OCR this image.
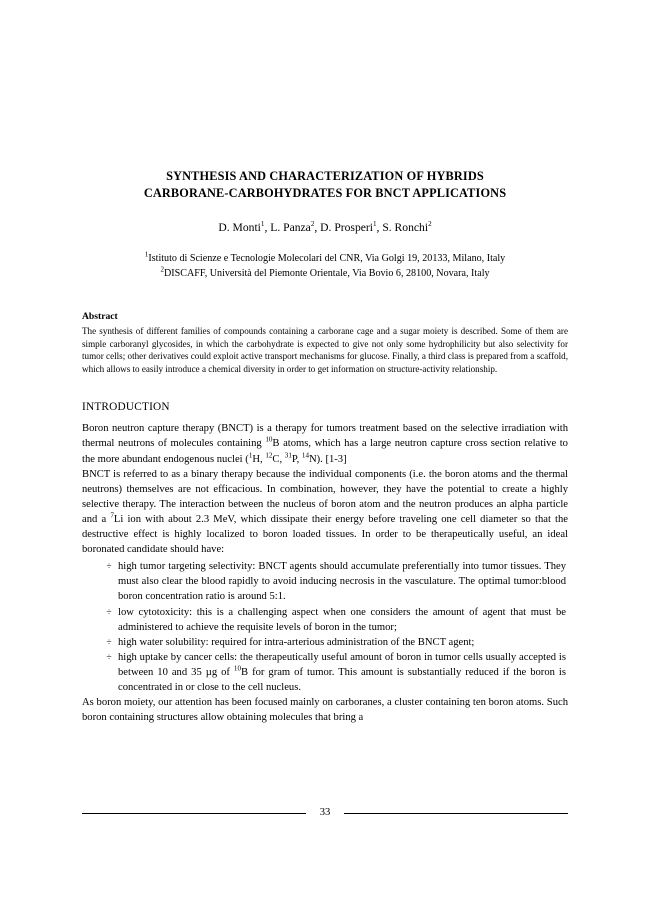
SYNTHESIS AND CHARACTERIZATION OF HYBRIDS
CARBORANE-CARBOHYDRATES FOR BNCT APPLICATIONS
D. Monti$^1$, L. Panza$^2$, D. Prosperi$^1$, S. Ronchi$^2$
$^1$Istituto di Scienze e Tecnologie Molecolari del CNR, Via Golgi 19, 20133, Milano, Italy
$^2$DISCAFF, Università del Piemonte Orientale, Via Bovio 6, 28100, Novara, Italy
Abstract
The synthesis of different families of compounds containing a carborane cage and a sugar moiety is described. Some of them are simple carboranyl glycosides, in which the carbohydrate is expected to give not only some hydrophilicity but also selectivity for tumor cells; other derivatives could exploit active transport mechanisms for glucose. Finally, a third class is prepared from a scaffold, which allows to easily introduce a chemical diversity in order to get information on structure-activity relationship.
INTRODUCTION
Boron neutron capture therapy (BNCT) is a therapy for tumors treatment based on the selective irradiation with thermal neutrons of molecules containing $^{10}$B atoms, which has a large neutron capture cross section relative to the more abundant endogenous nuclei ($^1$H, $^{12}$C, $^{31}$P, $^{14}$N). [1-3]
BNCT is referred to as a binary therapy because the individual components (i.e. the boron atoms and the thermal neutrons) themselves are not efficacious. In combination, however, they have the potential to create a highly selective therapy. The interaction between the nucleus of boron atom and the neutron produces an alpha particle and a $^7$Li ion with about 2.3 MeV, which dissipate their energy before traveling one cell diameter so that the destructive effect is highly localized to boron loaded tissues. In order to be therapeutically useful, an ideal boronated candidate should have:
÷ high tumor targeting selectivity: BNCT agents should accumulate preferentially into tumor tissues. They must also clear the blood rapidly to avoid inducing necrosis in the vasculature. The optimal tumor:blood boron concentration ratio is around 5:1.
÷ low cytotoxicity: this is a challenging aspect when one considers the amount of agent that must be administered to achieve the requisite levels of boron in the tumor;
÷ high water solubility: required for intra-arterious administration of the BNCT agent;
÷ high uptake by cancer cells: the therapeutically useful amount of boron in tumor cells usually accepted is between 10 and 35 µg of $^{10}$B for gram of tumor. This amount is substantially reduced if the boron is concentrated in or close to the cell nucleus.
As boron moiety, our attention has been focused mainly on carboranes, a cluster containing ten boron atoms. Such boron containing structures allow obtaining molecules that bring a
33
